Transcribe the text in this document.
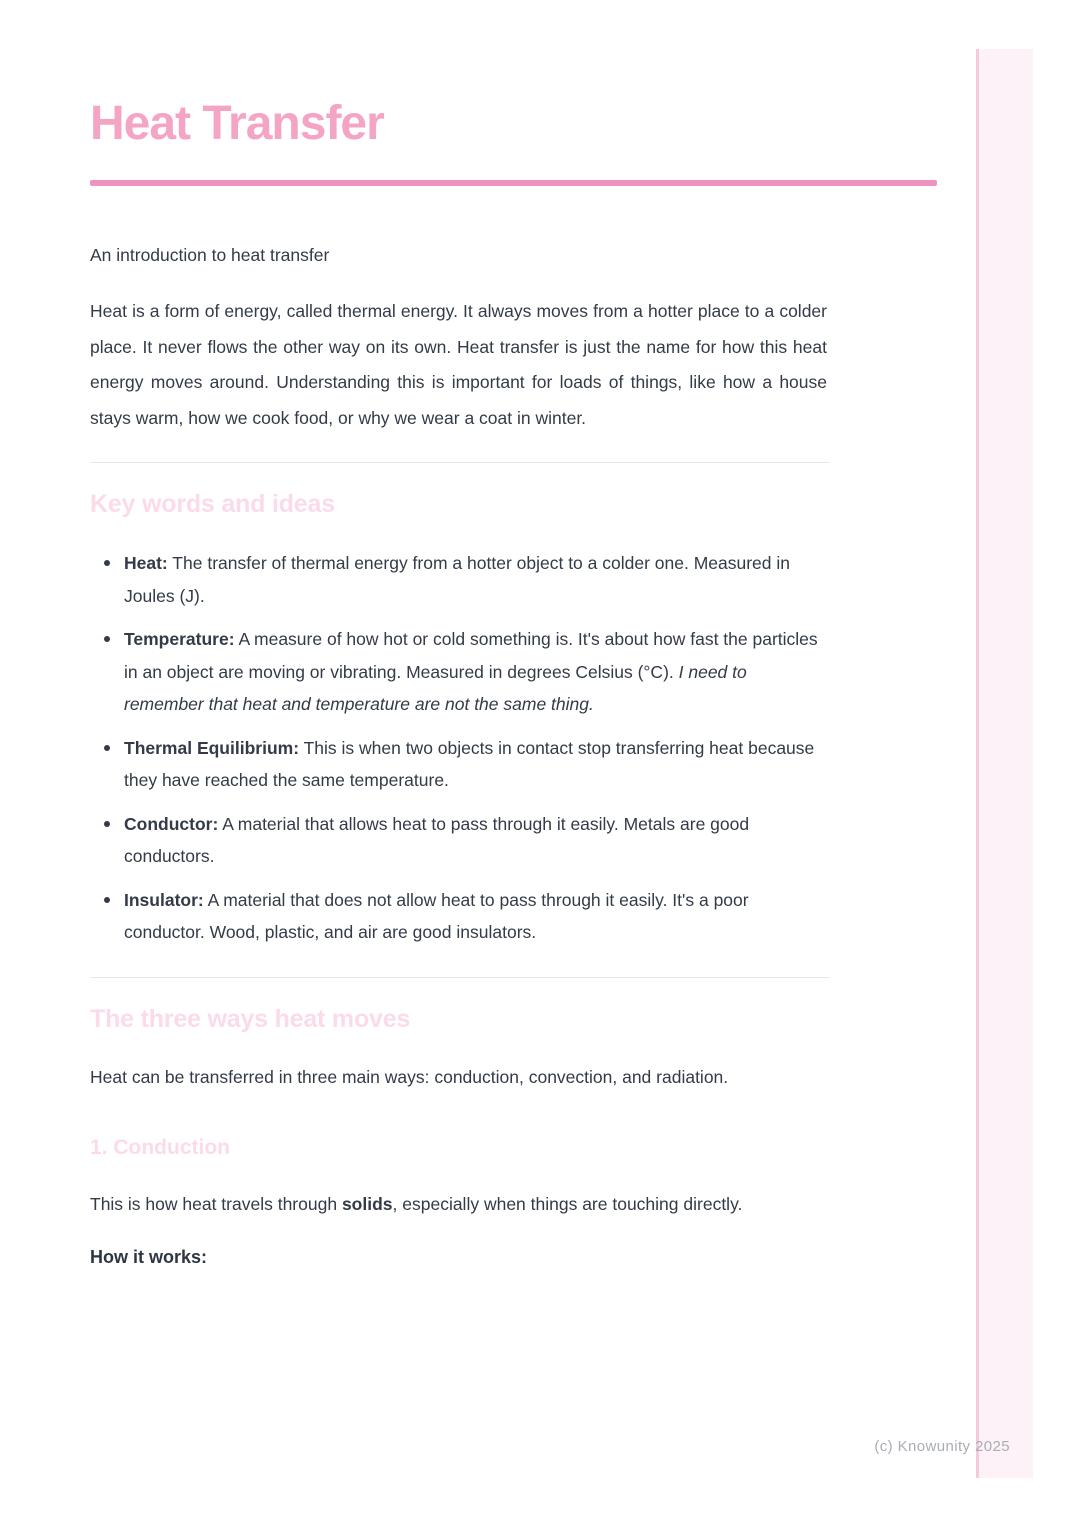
(c) Knowunity 2025
Heat Transfer
An introduction to heat transfer

Heat is a form of energy, called thermal energy. It always moves from a hotter place to a colder place. It never flows the other way on its own. Heat transfer is just the name for how this heat energy moves around. Understanding this is important for loads of things, like how a house stays warm, how we cook food, or why we wear a coat in winter.

Key words and ideas
Heat: The transfer of thermal energy from a hotter object to a colder one. Measured in Joules (J).
Temperature: A measure of how hot or cold something is. It's about how fast the particles in an object are moving or vibrating. Measured in degrees Celsius (°C). I need to remember that heat and temperature are not the same thing.
Thermal Equilibrium: This is when two objects in contact stop transferring heat because they have reached the same temperature.
Conductor: A material that allows heat to pass through it easily. Metals are good conductors.
Insulator: A material that does not allow heat to pass through it easily. It's a poor conductor. Wood, plastic, and air are good insulators.
The three ways heat moves

Heat can be transferred in three main ways: conduction, convection, and radiation.

1. Conduction

This is how heat travels through solids, especially when things are touching directly.

How it works:
